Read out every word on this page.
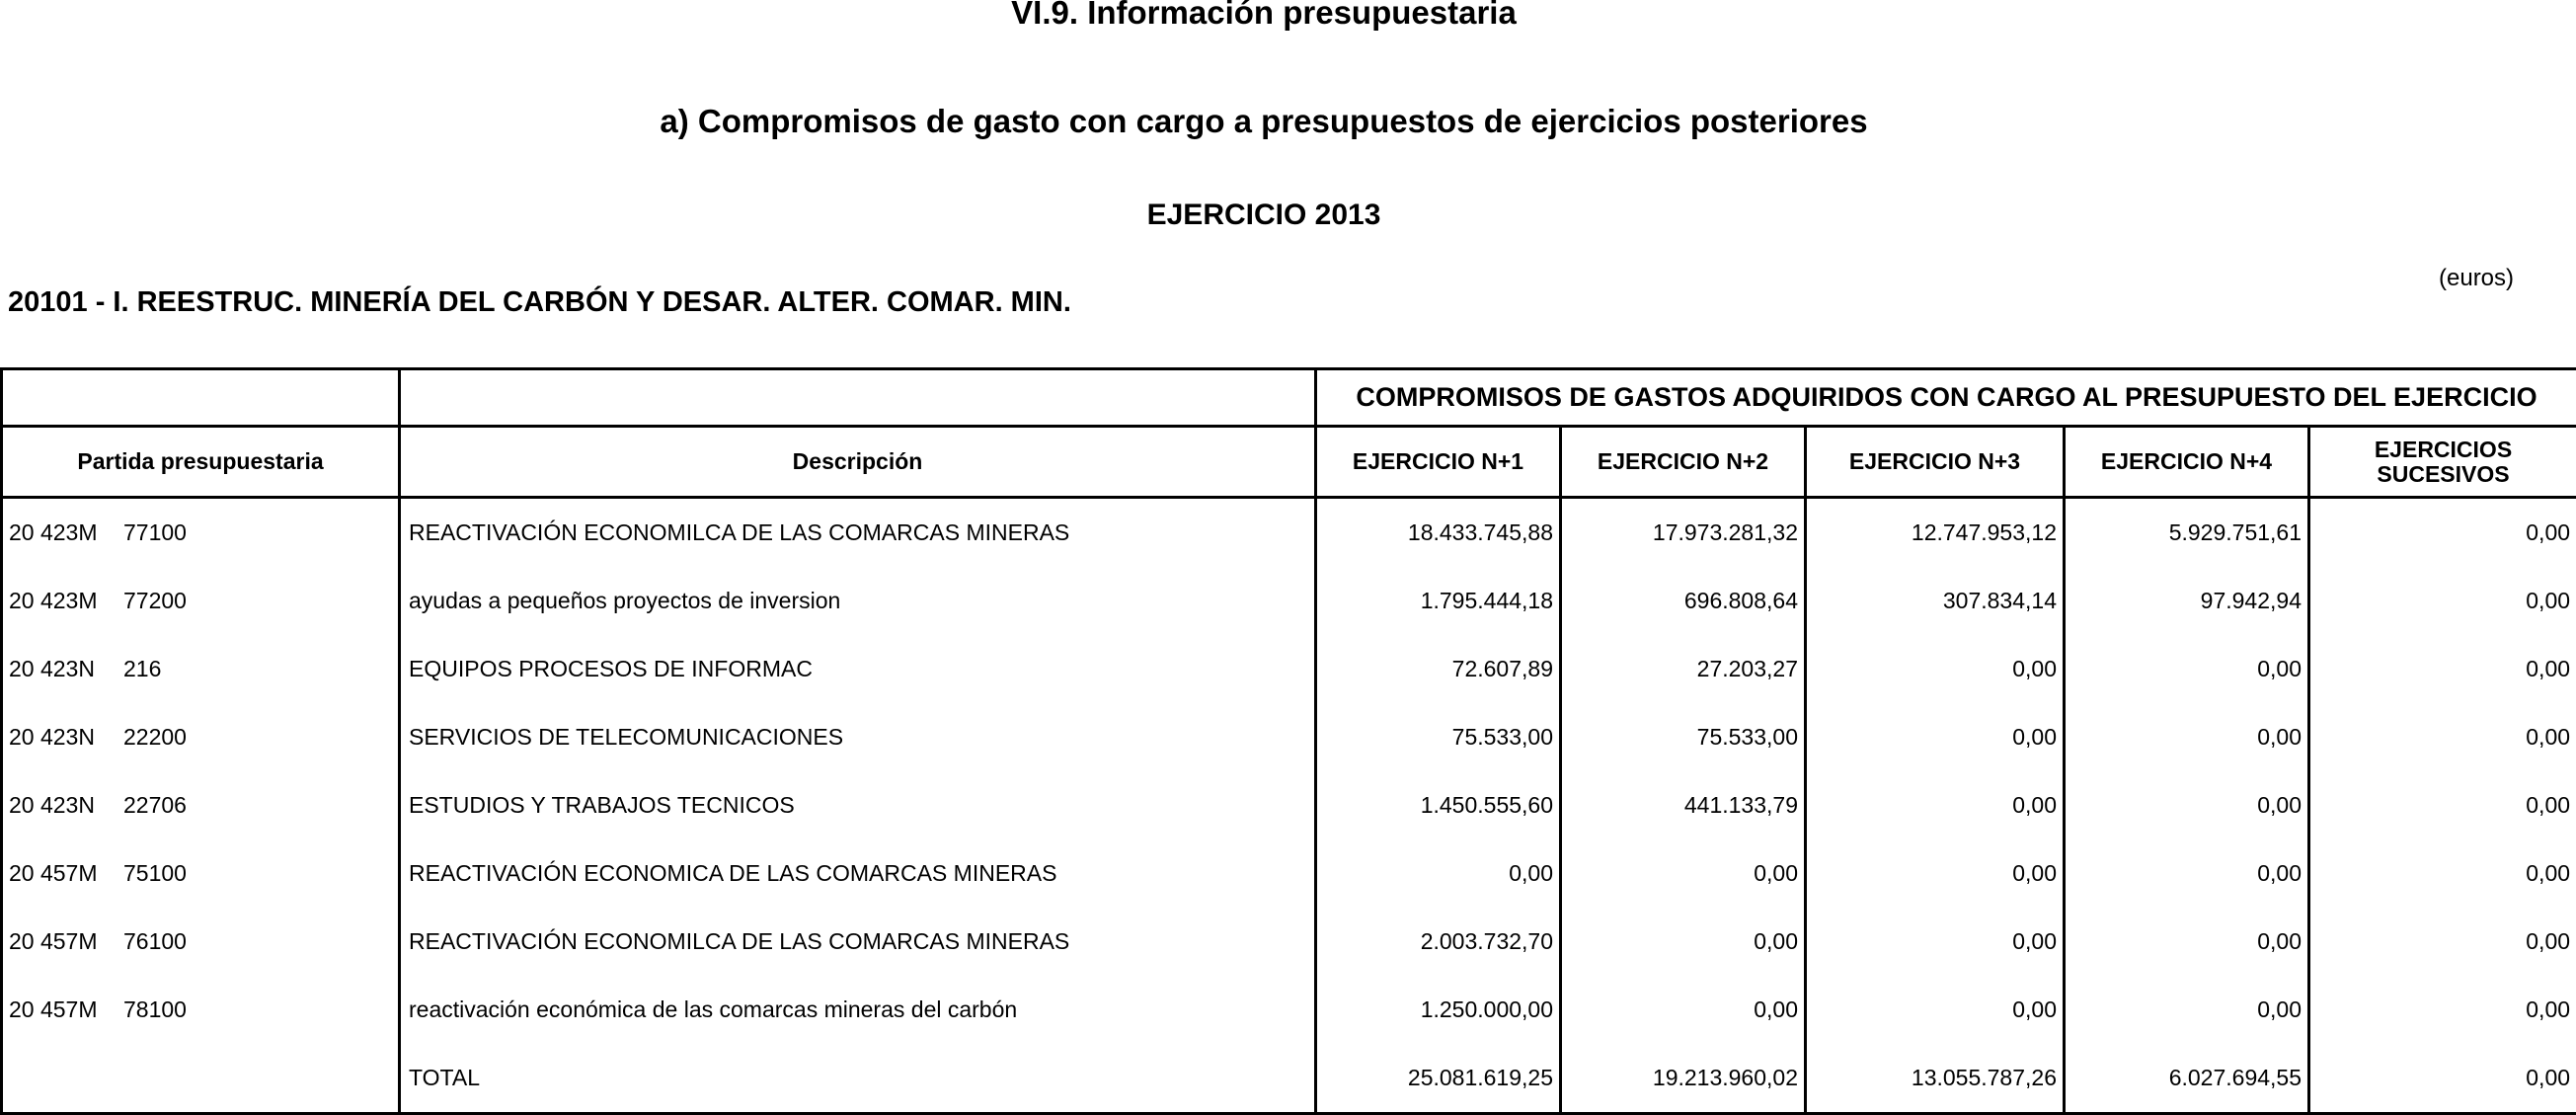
VI.9. Información presupuestaria
a) Compromisos de gasto con cargo a presupuestos de ejercicios posteriores
EJERCICIO 2013
(euros)
20101 - I. REESTRUC. MINERÍA DEL CARBÓN Y DESAR. ALTER. COMAR. MIN.
		COMPROMISOS DE GASTOS ADQUIRIDOS CON CARGO AL PRESUPUESTO DEL EJERCICIO				
Partida presupuestaria	Descripción	EJERCICIO N+1	EJERCICIO N+2	EJERCICIO N+3	EJERCICIO N+4	EJERCICIOS SUCESIVOS
20 423M 77100	REACTIVACIÓN ECONOMILCA DE LAS COMARCAS MINERAS	18.433.745,88	17.973.281,32	12.747.953,12	5.929.751,61	0,00
20 423M 77200	ayudas a pequeños proyectos de inversion	1.795.444,18	696.808,64	307.834,14	97.942,94	0,00
20 423N 216	EQUIPOS PROCESOS DE INFORMAC	72.607,89	27.203,27	0,00	0,00	0,00
20 423N 22200	SERVICIOS DE TELECOMUNICACIONES	75.533,00	75.533,00	0,00	0,00	0,00
20 423N 22706	ESTUDIOS Y TRABAJOS TECNICOS	1.450.555,60	441.133,79	0,00	0,00	0,00
20 457M 75100	REACTIVACIÓN ECONOMICA DE LAS COMARCAS MINERAS	0,00	0,00	0,00	0,00	0,00
20 457M 76100	REACTIVACIÓN ECONOMILCA DE LAS COMARCAS MINERAS	2.003.732,70	0,00	0,00	0,00	0,00
20 457M 78100	reactivación económica de las comarcas mineras del carbón	1.250.000,00	0,00	0,00	0,00	0,00
	TOTAL	25.081.619,25	19.213.960,02	13.055.787,26	6.027.694,55	0,00
